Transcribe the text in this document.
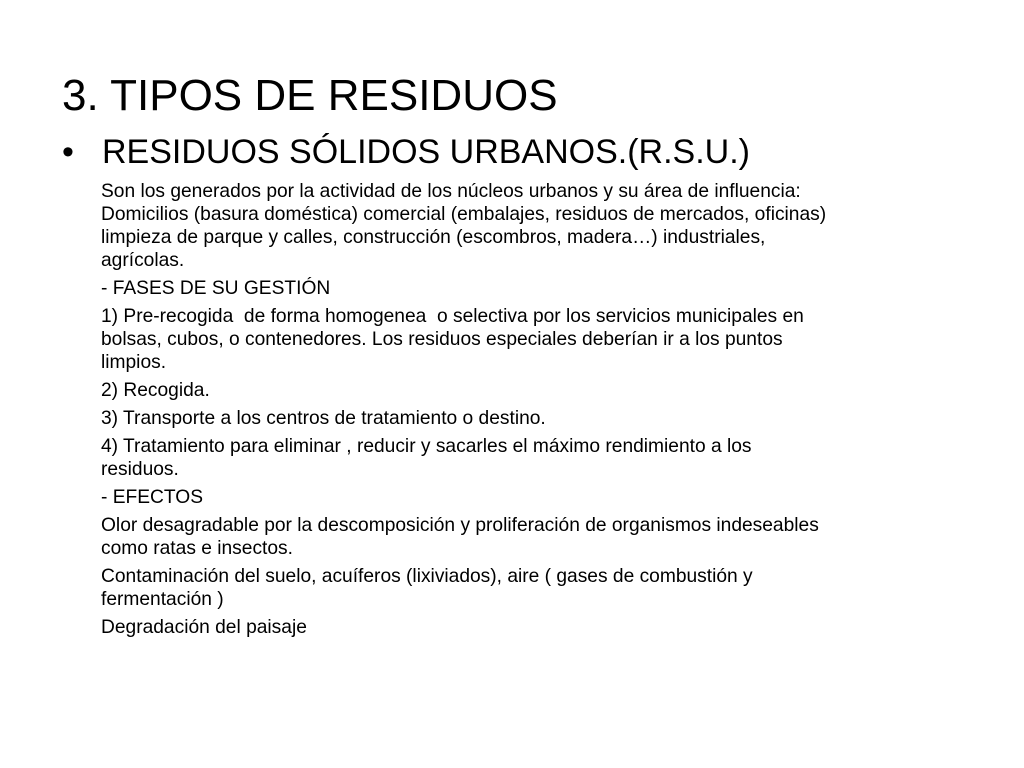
3. TIPOS DE RESIDUOS
• RESIDUOS SÓLIDOS URBANOS.(R.S.U.)

Son los generados por la actividad de los núcleos urbanos y su área de influencia:
Domicilios (basura doméstica) comercial (embalajes, residuos de mercados, oficinas)
limpieza de parque y calles, construcción (escombros, madera…) industriales,
agrícolas.

- FASES DE SU GESTIÓN

1) Pre-recogida  de forma homogenea  o selectiva por los servicios municipales en
bolsas, cubos, o contenedores. Los residuos especiales deberían ir a los puntos
limpios.

2) Recogida.

3) Transporte a los centros de tratamiento o destino.

4) Tratamiento para eliminar , reducir y sacarles el máximo rendimiento a los
residuos.

- EFECTOS

Olor desagradable por la descomposición y proliferación de organismos indeseables
como ratas e insectos.

Contaminación del suelo, acuíferos (lixiviados), aire ( gases de combustión y
fermentación )

Degradación del paisaje
